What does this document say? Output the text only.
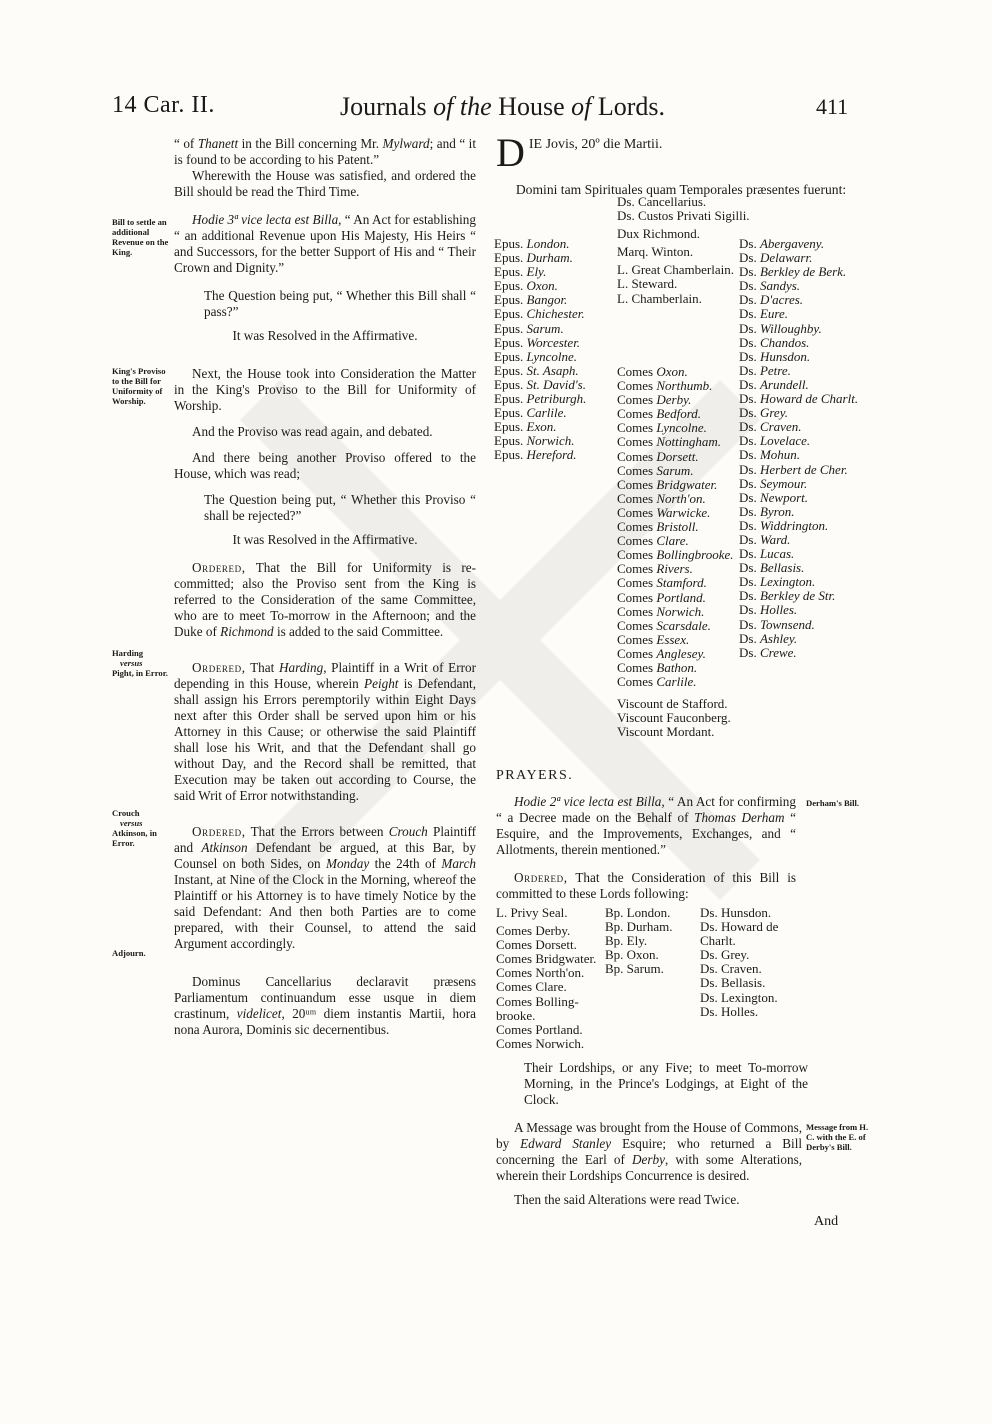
14 Car. II.	Journals of the House of Lords.	411
Bill to settle an additional Revenue on the King.
King's Proviso to the Bill for Uniformity of Worship.
Harding
versus
Pight, in Error.
Crouch
versus
Atkinson, in Error.
Adjourn.
Derham's Bill.
Message from H. C. with the E. of Derby's Bill.

“ of Thanett in the Bill concerning Mr. Mylward; and “ it is found to be according to his Patent.”

Wherewith the House was satisfied, and ordered the Bill should be read the Third Time.

Hodie 3ª vice lecta est Billa, “ An Act for establishing “ an additional Revenue upon His Majesty, His Heirs “ and Successors, for the better Support of His and “ Their Crown and Dignity.”

The Question being put, “ Whether this Bill shall “ pass?”

It was Resolved in the Affirmative.

Next, the House took into Consideration the Matter in the King's Proviso to the Bill for Uniformity of Worship.

And the Proviso was read again, and debated.

And there being another Proviso offered to the House, which was read;

The Question being put, “ Whether this Proviso “ shall be rejected?”

It was Resolved in the Affirmative.

Ordered, That the Bill for Uniformity is re-committed; also the Proviso sent from the King is referred to the Consideration of the same Committee, who are to meet To-morrow in the Afternoon; and the Duke of Richmond is added to the said Committee.

Ordered, That Harding, Plaintiff in a Writ of Error depending in this House, wherein Peight is Defendant, shall assign his Errors peremptorily within Eight Days next after this Order shall be served upon him or his Attorney in this Cause; or otherwise the said Plaintiff shall lose his Writ, and that the Defendant shall go without Day, and the Record shall be remitted, that Execution may be taken out according to Course, the said Writ of Error notwithstanding.

Ordered, That the Errors between Crouch Plaintiff and Atkinson Defendant be argued, at this Bar, by Counsel on both Sides, on Monday the 24th of March Instant, at Nine of the Clock in the Morning, whereof the Plaintiff or his Attorney is to have timely Notice by the said Defendant: And then both Parties are to come prepared, with their Counsel, to attend the said Argument accordingly.

Dominus Cancellarius declaravit præsens Parliamentum continuandum esse usque in diem crastinum, videlicet, 20ᵘᵐ diem instantis Martii, hora nona Aurora, Dominis sic decernentibus.

DIE Jovis, 20º die Martii.

Domini tam Spirituales quam Temporales præsentes fuerunt:

Epus. London.
Epus. Durham.
Epus. Ely.
Epus. Oxon.
Epus. Bangor.
Epus. Chichester.
Epus. Sarum.
Epus. Worcester.
Epus. Lyncolne.
Epus. St. Asaph.
Epus. St. David's.
Epus. Petriburgh.
Epus. Carlile.
Epus. Exon.
Epus. Norwich.
Epus. Hereford.
Ds. Cancellarius.
Ds. Custos Privati Sigilli.

Dux Richmond.

Marq. Winton.

L. Great Chamberlain.
L. Steward.
L. Chamberlain.
Comes Oxon.
Comes Northumb.
Comes Derby.
Comes Bedford.
Comes Lyncolne.
Comes Nottingham.
Comes Dorsett.
Comes Sarum.
Comes Bridgwater.
Comes North'on.
Comes Warwicke.
Comes Bristoll.
Comes Clare.
Comes Bollingbrooke.
Comes Rivers.
Comes Stamford.
Comes Portland.
Comes Norwich.
Comes Scarsdale.
Comes Essex.
Comes Anglesey.
Comes Bathon.
Comes Carlile.
Viscount de Stafford.
Viscount Fauconberg.
Viscount Mordant.
Ds. Abergaveny.
Ds. Delawarr.
Ds. Berkley de Berk.
Ds. Sandys.
Ds. D'acres.
Ds. Eure.
Ds. Willoughby.
Ds. Chandos.
Ds. Hunsdon.
Ds. Petre.
Ds. Arundell.
Ds. Howard de Charlt.
Ds. Grey.
Ds. Craven.
Ds. Lovelace.
Ds. Mohun.
Ds. Herbert de Cher.
Ds. Seymour.
Ds. Newport.
Ds. Byron.
Ds. Widdrington.
Ds. Ward.
Ds. Lucas.
Ds. Bellasis.
Ds. Lexington.
Ds. Berkley de Str.
Ds. Holles.
Ds. Townsend.
Ds. Ashley.
Ds. Crewe.

PRAYERS.

Hodie 2ª vice lecta est Billa, “ An Act for confirming “ a Decree made on the Behalf of Thomas Derham “ Esquire, and the Improvements, Exchanges, and “ Allotments, therein mentioned.”

Ordered, That the Consideration of this Bill is committed to these Lords following:

L. Privy Seal.

Comes Derby.
Comes Dorsett.
Comes Bridgwater.
Comes North'on.
Comes Clare.
Comes Bolling-
brooke.
Comes Portland.
Comes Norwich.
Bp. London.
Bp. Durham.
Bp. Ely.
Bp. Oxon.
Bp. Sarum.
Ds. Hunsdon.
Ds. Howard de
Charlt.
Ds. Grey.
Ds. Craven.
Ds. Bellasis.
Ds. Lexington.
Ds. Holles.
Their Lordships, or any Five; to meet To-morrow Morning, in the Prince's Lodgings, at Eight of the Clock.

A Message was brought from the House of Commons, by Edward Stanley Esquire; who returned a Bill concerning the Earl of Derby, with some Alterations, wherein their Lordships Concurrence is desired.

Then the said Alterations were read Twice.

And
